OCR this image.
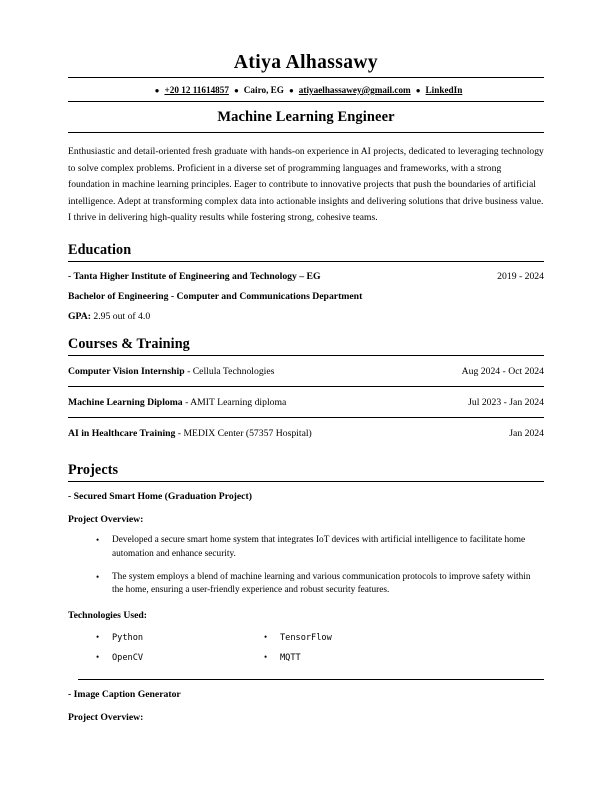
Atiya Alhassawy
● +20 12 11614857 ● Cairo, EG ● atiyaelhassawey@gmail.com ● LinkedIn
Machine Learning Engineer
Enthusiastic and detail-oriented fresh graduate with hands-on experience in AI projects, dedicated to leveraging technology to solve complex problems. Proficient in a diverse set of programming languages and frameworks, with a strong foundation in machine learning principles. Eager to contribute to innovative projects that push the boundaries of artificial intelligence. Adept at transforming complex data into actionable insights and delivering solutions that drive business value. I thrive in delivering high-quality results while fostering strong, cohesive teams.
Education
- Tanta Higher Institute of Engineering and Technology – EG	2019 - 2024
Bachelor of Engineering - Computer and Communications Department
GPA: 2.95 out of 4.0
Courses & Training
Computer Vision Internship - Cellula Technologies	Aug 2024 - Oct 2024
Machine Learning Diploma - AMIT Learning diploma	Jul 2023 - Jan 2024
AI in Healthcare Training - MEDIX Center (57357 Hospital)	Jan 2024
Projects
- Secured Smart Home (Graduation Project)
Project Overview:
• Developed a secure smart home system that integrates IoT devices with artificial intelligence to facilitate home automation and enhance security.
• The system employs a blend of machine learning and various communication protocols to improve safety within the home, ensuring a user-friendly experience and robust security features.
Technologies Used:
• Python	• TensorFlow
• OpenCV	• MQTT
- Image Caption Generator
Project Overview:
